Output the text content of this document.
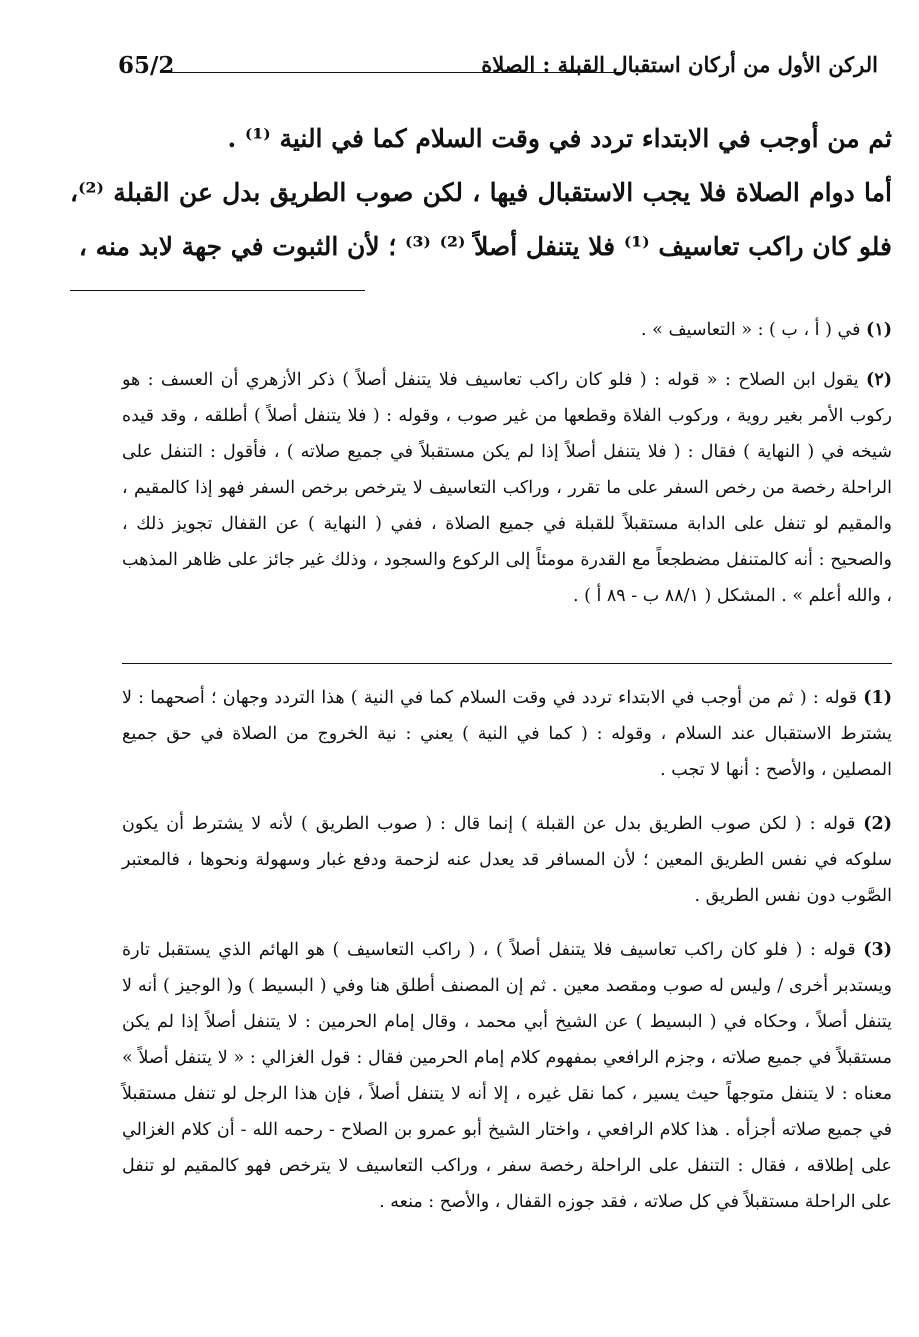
65/2	الركن الأول من أركان استقبال القبلة : الصلاة

ثم من أوجب في الابتداء تردد في وقت السلام كما في النية ⁽¹⁾ .

أما دوام الصلاة فلا يجب الاستقبال فيها ، لكن صوب الطريق بدل عن القبلة ⁽²⁾، فلو كان راكب تعاسيف ⁽¹⁾ فلا يتنفل أصلاً ⁽²⁾ ⁽³⁾ ؛ لأن الثبوت في جهة لابد منه ،

(١) في ( أ ، ب ) : « التعاسيف » .

(٢) يقول ابن الصلاح : « قوله : ( فلو كان راكب تعاسيف فلا يتنفل أصلاً ) ذكر الأزهري أن العسف : هو ركوب الأمر بغير روية ، وركوب الفلاة وقطعها من غير صوب ، وقوله : ( فلا يتنفل أصلاً ) أطلقه ، وقد قيده شيخه في ( النهاية ) فقال : ( فلا يتنفل أصلاً إذا لم يكن مستقبلاً في جميع صلاته ) ، فأقول : التنفل على الراحلة رخصة من رخص السفر على ما تقرر ، وراكب التعاسيف لا يترخص برخص السفر فهو إذا كالمقيم ، والمقيم لو تنفل على الدابة مستقبلاً للقبلة في جميع الصلاة ، ففي ( النهاية ) عن القفال تجويز ذلك ، والصحيح : أنه كالمتنفل مضطجعاً مع القدرة مومئاً إلى الركوع والسجود ، وذلك غير جائز على ظاهر المذهب ، والله أعلم » . المشكل ( ٨٨/١ ب - ٨٩ أ ) .

(1) قوله : ( ثم من أوجب في الابتداء تردد في وقت السلام كما في النية ) هذا التردد وجهان ؛ أصحهما : لا يشترط الاستقبال عند السلام ، وقوله : ( كما في النية ) يعني : نية الخروج من الصلاة في حق جميع المصلين ، والأصح : أنها لا تجب .

(2) قوله : ( لكن صوب الطريق بدل عن القبلة ) إنما قال : ( صوب الطريق ) لأنه لا يشترط أن يكون سلوكه في نفس الطريق المعين ؛ لأن المسافر قد يعدل عنه لزحمة ودفع غبار وسهولة ونحوها ، فالمعتبر الصَّوب دون نفس الطريق .

(3) قوله : ( فلو كان راكب تعاسيف فلا يتنفل أصلاً ) ، ( راكب التعاسيف ) هو الهائم الذي يستقبل تارة ويستدبر أخرى / وليس له صوب ومقصد معين . ثم إن المصنف أطلق هنا وفي ( البسيط ) و( الوجيز ) أنه لا يتنفل أصلاً ، وحكاه في ( البسيط ) عن الشيخ أبي محمد ، وقال إمام الحرمين : لا يتنفل أصلاً إذا لم يكن مستقبلاً في جميع صلاته ، وجزم الرافعي بمفهوم كلام إمام الحرمين فقال : قول الغزالي : « لا يتنفل أصلاً » معناه : لا يتنفل متوجهاً حيث يسير ، كما نقل غيره ، إلا أنه لا يتنفل أصلاً ، فإن هذا الرجل لو تنفل مستقبلاً في جميع صلاته أجزأه . هذا كلام الرافعي ، واختار الشيخ أبو عمرو بن الصلاح - رحمه الله - أن كلام الغزالي على إطلاقه ، فقال : التنفل على الراحلة رخصة سفر ، وراكب التعاسيف لا يترخص فهو كالمقيم لو تنفل على الراحلة مستقبلاً في كل صلاته ، فقد جوزه القفال ، والأصح : منعه .
